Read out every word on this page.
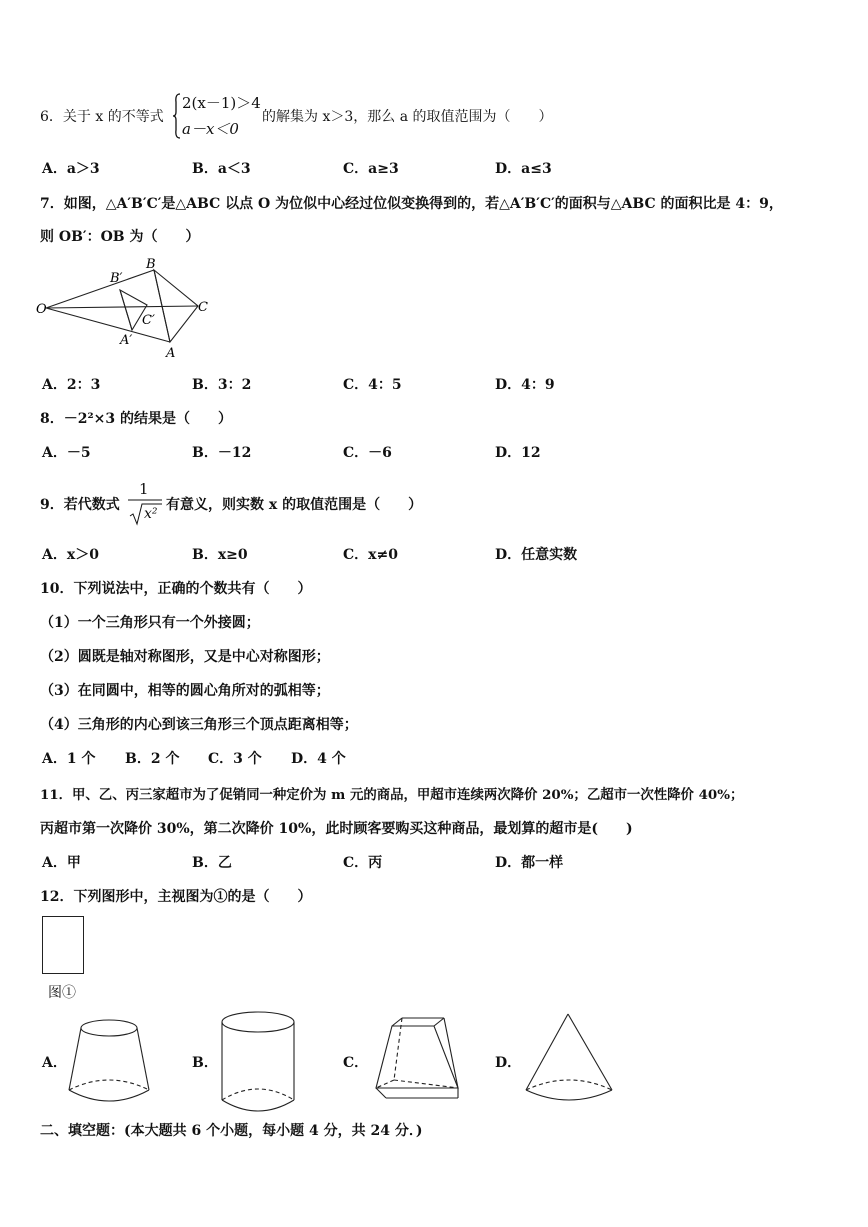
6．关于 x 的不等式
2(x－1)＞4
a－x＜0
的解集为 x＞3，那么 a 的取值范围为（　　）
A．a＞3	B．a＜3	C．a≥3	D．a≤3
7．如图，△A′B′C′是△ABC 以点 O 为位似中心经过位似变换得到的，若△A′B′C′的面积与△ABC 的面积比是 4：9，
则 OB′：OB 为（　　）
O
B′
B
C
C′
A′
A
A．2：3	B．3：2	C．4：5	D．4：9
8．－2²×3 的结果是（　　）
A．－5	B．－12	C．－6	D．12
9．若代数式
1
x²
有意义，则实数 x 的取值范围是（　　）
A．x＞0	B．x≥0	C．x≠0	D．任意实数
10．下列说法中，正确的个数共有（　　）
（1）一个三角形只有一个外接圆；
（2）圆既是轴对称图形，又是中心对称图形；
（3）在同圆中，相等的圆心角所对的弧相等；
（4）三角形的内心到该三角形三个顶点距离相等；
A．1 个 B．2 个 C．3 个 D．4 个
11．甲、乙、丙三家超市为了促销同一种定价为 m 元的商品，甲超市连续两次降价 20%；乙超市一次性降价 40%；
丙超市第一次降价 30%，第二次降价 10%，此时顾客要购买这种商品，最划算的超市是(　　)
A．甲	B．乙	C．丙	D．都一样
12．下列图形中，主视图为①的是（　　）
图①
A．	B．	C．	D．
二、填空题：(本大题共 6 个小题，每小题 4 分，共 24 分．)
